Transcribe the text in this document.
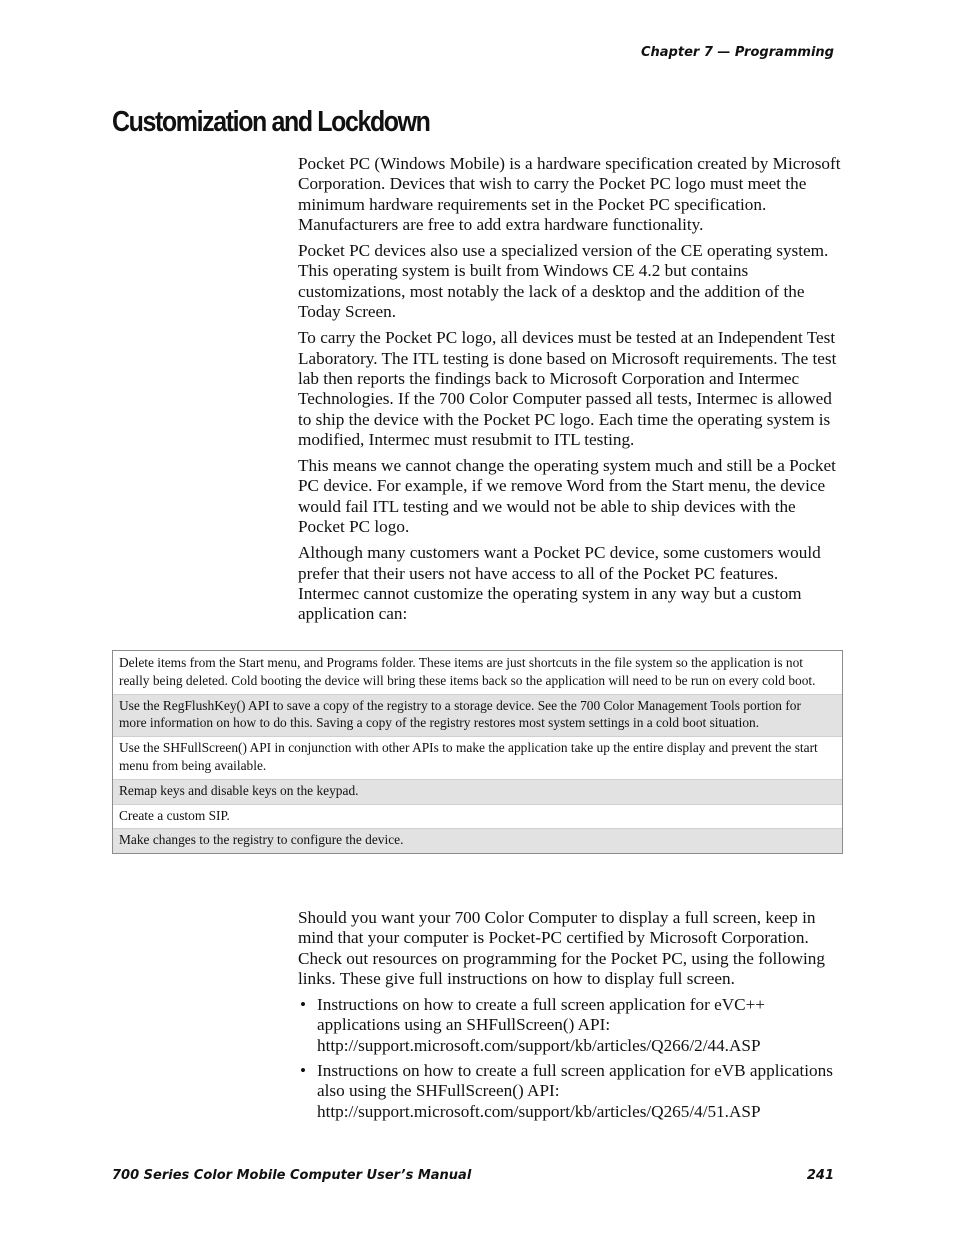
Chapter 7 — Programming
Customization and Lockdown

Pocket PC (Windows Mobile) is a hardware specification created by Microsoft Corporation. Devices that wish to carry the Pocket PC logo must meet the minimum hardware requirements set in the Pocket PC specification. Manufacturers are free to add extra hardware functionality.

Pocket PC devices also use a specialized version of the CE operating system. This operating system is built from Windows CE 4.2 but contains customizations, most notably the lack of a desktop and the addition of the Today Screen.

To carry the Pocket PC logo, all devices must be tested at an Independent Test Laboratory. The ITL testing is done based on Microsoft requirements. The test lab then reports the findings back to Microsoft Corporation and Intermec Technologies. If the 700 Color Computer passed all tests, Intermec is allowed to ship the device with the Pocket PC logo. Each time the operating system is modified, Intermec must resubmit to ITL testing.

This means we cannot change the operating system much and still be a Pocket PC device. For example, if we remove Word from the Start menu, the device would fail ITL testing and we would not be able to ship devices with the Pocket PC logo.

Although many customers want a Pocket PC device, some customers would prefer that their users not have access to all of the Pocket PC features. Intermec cannot customize the operating system in any way but a custom application can:

Delete items from the Start menu, and Programs folder. These items are just shortcuts in the file system so the application is not really being deleted. Cold booting the device will bring these items back so the application will need to be run on every cold boot.
Use the RegFlushKey() API to save a copy of the registry to a storage device. See the 700 Color Management Tools portion for more information on how to do this. Saving a copy of the registry restores most system settings in a cold boot situation.
Use the SHFullScreen() API in conjunction with other APIs to make the application take up the entire display and prevent the start menu from being available.
Remap keys and disable keys on the keypad.
Create a custom SIP.
Make changes to the registry to configure the device.

Should you want your 700 Color Computer to display a full screen, keep in mind that your computer is Pocket-PC certified by Microsoft Corporation. Check out resources on programming for the Pocket PC, using the following links. These give full instructions on how to display full screen.

• Instructions on how to create a full screen application for eVC++ applications using an SHFullScreen() API:
http://support.microsoft.com/support/kb/articles/Q266/2/44.ASP
• Instructions on how to create a full screen application for eVB applications also using the SHFullScreen() API:
http://support.microsoft.com/support/kb/articles/Q265/4/51.ASP
700 Series Color Mobile Computer User’s Manual	241
